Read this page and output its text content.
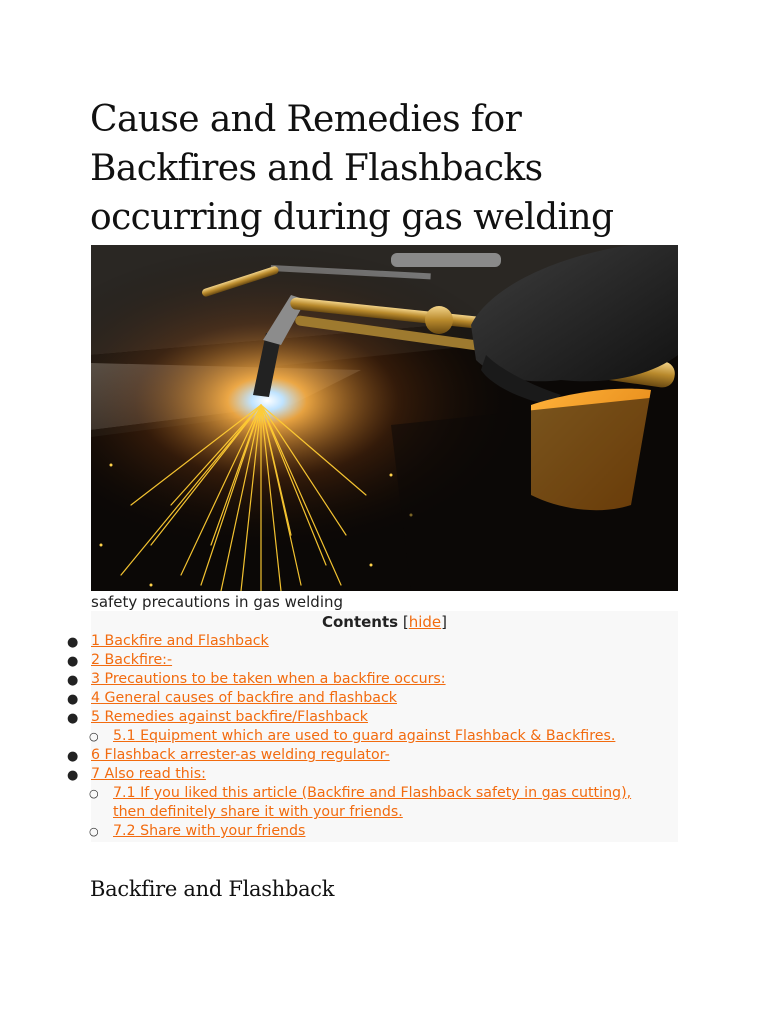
Cause and Remedies for Backfires and Flashbacks occurring during gas welding
safety precautions in gas welding
Contents [hide]
● 1 Backfire and Flashback
● 2 Backfire:-
● 3 Precautions to be taken when a backfire occurs:
● 4 General causes of backfire and flashback
● 5 Remedies against backfire/Flashback
○ 5.1 Equipment which are used to guard against Flashback & Backfires.
● 6 Flashback arrester-as welding regulator-
● 7 Also read this:
○ 7.1 If you liked this article (Backfire and Flashback safety in gas cutting),
then definitely share it with your friends.
○ 7.2 Share with your friends
Backfire and Flashback
